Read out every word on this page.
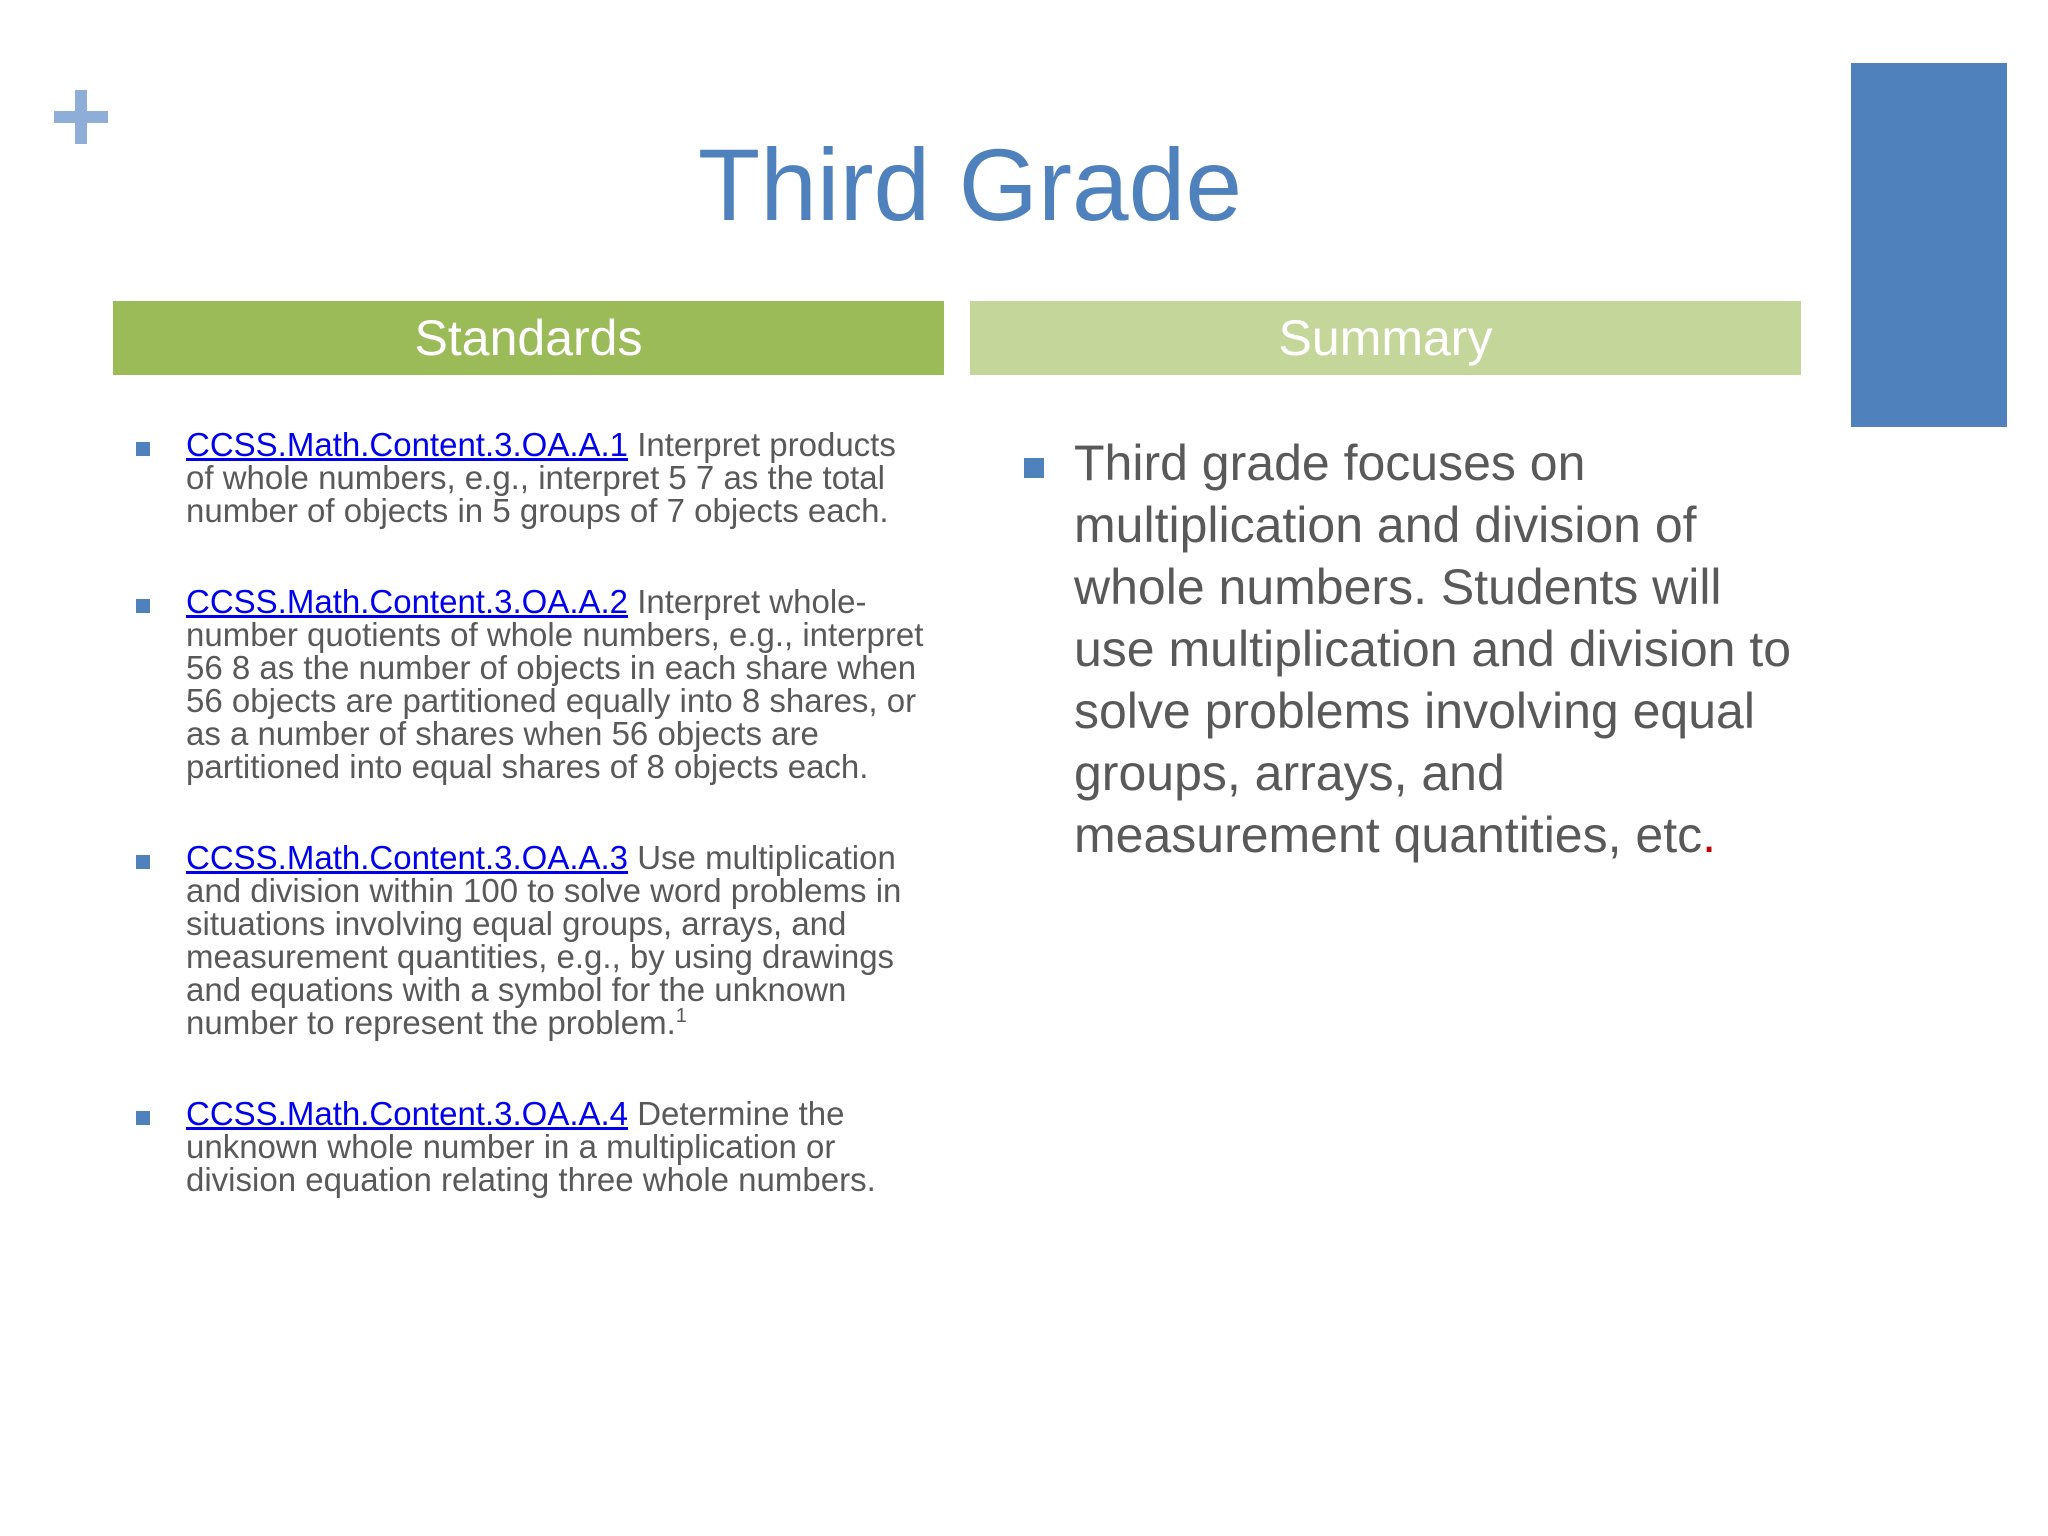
Third Grade
Standards	Summary
CCSS.Math.Content.3.OA.A.1 Interpret products of whole numbers, e.g., interpret 5 7 as the total number of objects in 5 groups of 7 objects each.
CCSS.Math.Content.3.OA.A.2 Interpret whole-number quotients of whole numbers, e.g., interpret 56 8 as the number of objects in each share when 56 objects are partitioned equally into 8 shares, or as a number of shares when 56 objects are partitioned into equal shares of 8 objects each.
CCSS.Math.Content.3.OA.A.3 Use multiplication and division within 100 to solve word problems in situations involving equal groups, arrays, and measurement quantities, e.g., by using drawings and equations with a symbol for the unknown number to represent the problem.$^1$
CCSS.Math.Content.3.OA.A.4 Determine the unknown whole number in a multiplication or division equation relating three whole numbers.
Third grade focuses on multiplication and division of whole numbers. Students will use multiplication and division to solve problems involving equal groups, arrays, and measurement quantities, etc.
